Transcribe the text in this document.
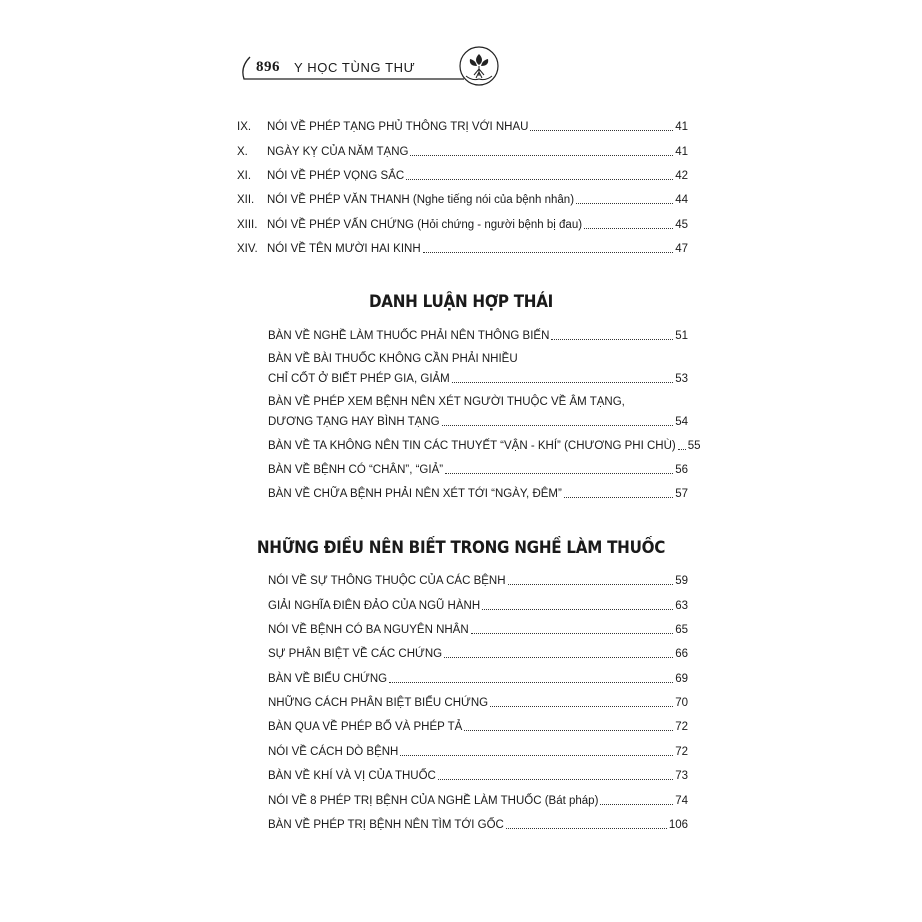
896 Y HỌC TÙNG THƯ
IX.	NÓI VỀ PHÉP TẠNG PHỦ THÔNG TRỊ VỚI NHAU	41
X.	NGÀY KỴ CỦA NĂM TẠNG	41
XI.	NÓI VỀ PHÉP VỌNG SẮC	42
XII.	NÓI VỀ PHÉP VĂN THANH (Nghe tiếng nói của bệnh nhân)	44
XIII. NÓI VỀ PHÉP VẤN CHỨNG (Hỏi chứng - người bệnh bị đau)	45
XIV. NÓI VỀ TÊN MƯỜI HAI KINH	47
DANH LUẬN HỢP THÁI
BÀN VỀ NGHỀ LÀM THUỐC PHẢI NÊN THÔNG BIẾN	51
BÀN VỀ BÀI THUỐC KHÔNG CẦN PHẢI NHIỀU
CHỈ CỐT Ở BIẾT PHÉP GIA, GIẢM	53
BÀN VỀ PHÉP XEM BỆNH NÊN XÉT NGƯỜI THUỘC VỀ ÂM TẠNG,
DƯƠNG TẠNG HAY BÌNH TẠNG	54
BÀN VỀ TA KHÔNG NÊN TIN CÁC THUYẾT “VẬN - KHÍ” (CHƯƠNG PHI CHÙ) 55
BÀN VỀ BỆNH CÓ “CHÂN”, “GIẢ”	56
BÀN VỀ CHỮA BỆNH PHẢI NÊN XÉT TỚI “NGÀY, ĐÊM”	57
NHỮNG ĐIỀU NÊN BIẾT TRONG NGHỀ LÀM THUỐC
NÓI VỀ SỰ THÔNG THUỘC CỦA CÁC BỆNH	59
GIẢI NGHĨA ĐIÊN ĐẢO CỦA NGŨ HÀNH	63
NÓI VỀ BỆNH CÓ BA NGUYÊN NHÂN	65
SỰ PHÂN BIỆT VỀ CÁC CHỨNG	66
BÀN VỀ BIỂU CHỨNG	69
NHỮNG CÁCH PHÂN BIỆT BIỂU CHỨNG	70
BÀN QUA VỀ PHÉP BỔ VÀ PHÉP TẢ	72
NÓI VỀ CÁCH DÒ BỆNH	72
BÀN VỀ KHÍ VÀ VỊ CỦA THUỐC	73
NÓI VỀ 8 PHÉP TRỊ BỆNH CỦA NGHỀ LÀM THUỐC (Bát pháp)	74
BÀN VỀ PHÉP TRỊ BỆNH NÊN TÌM TỚI GỐC	106
